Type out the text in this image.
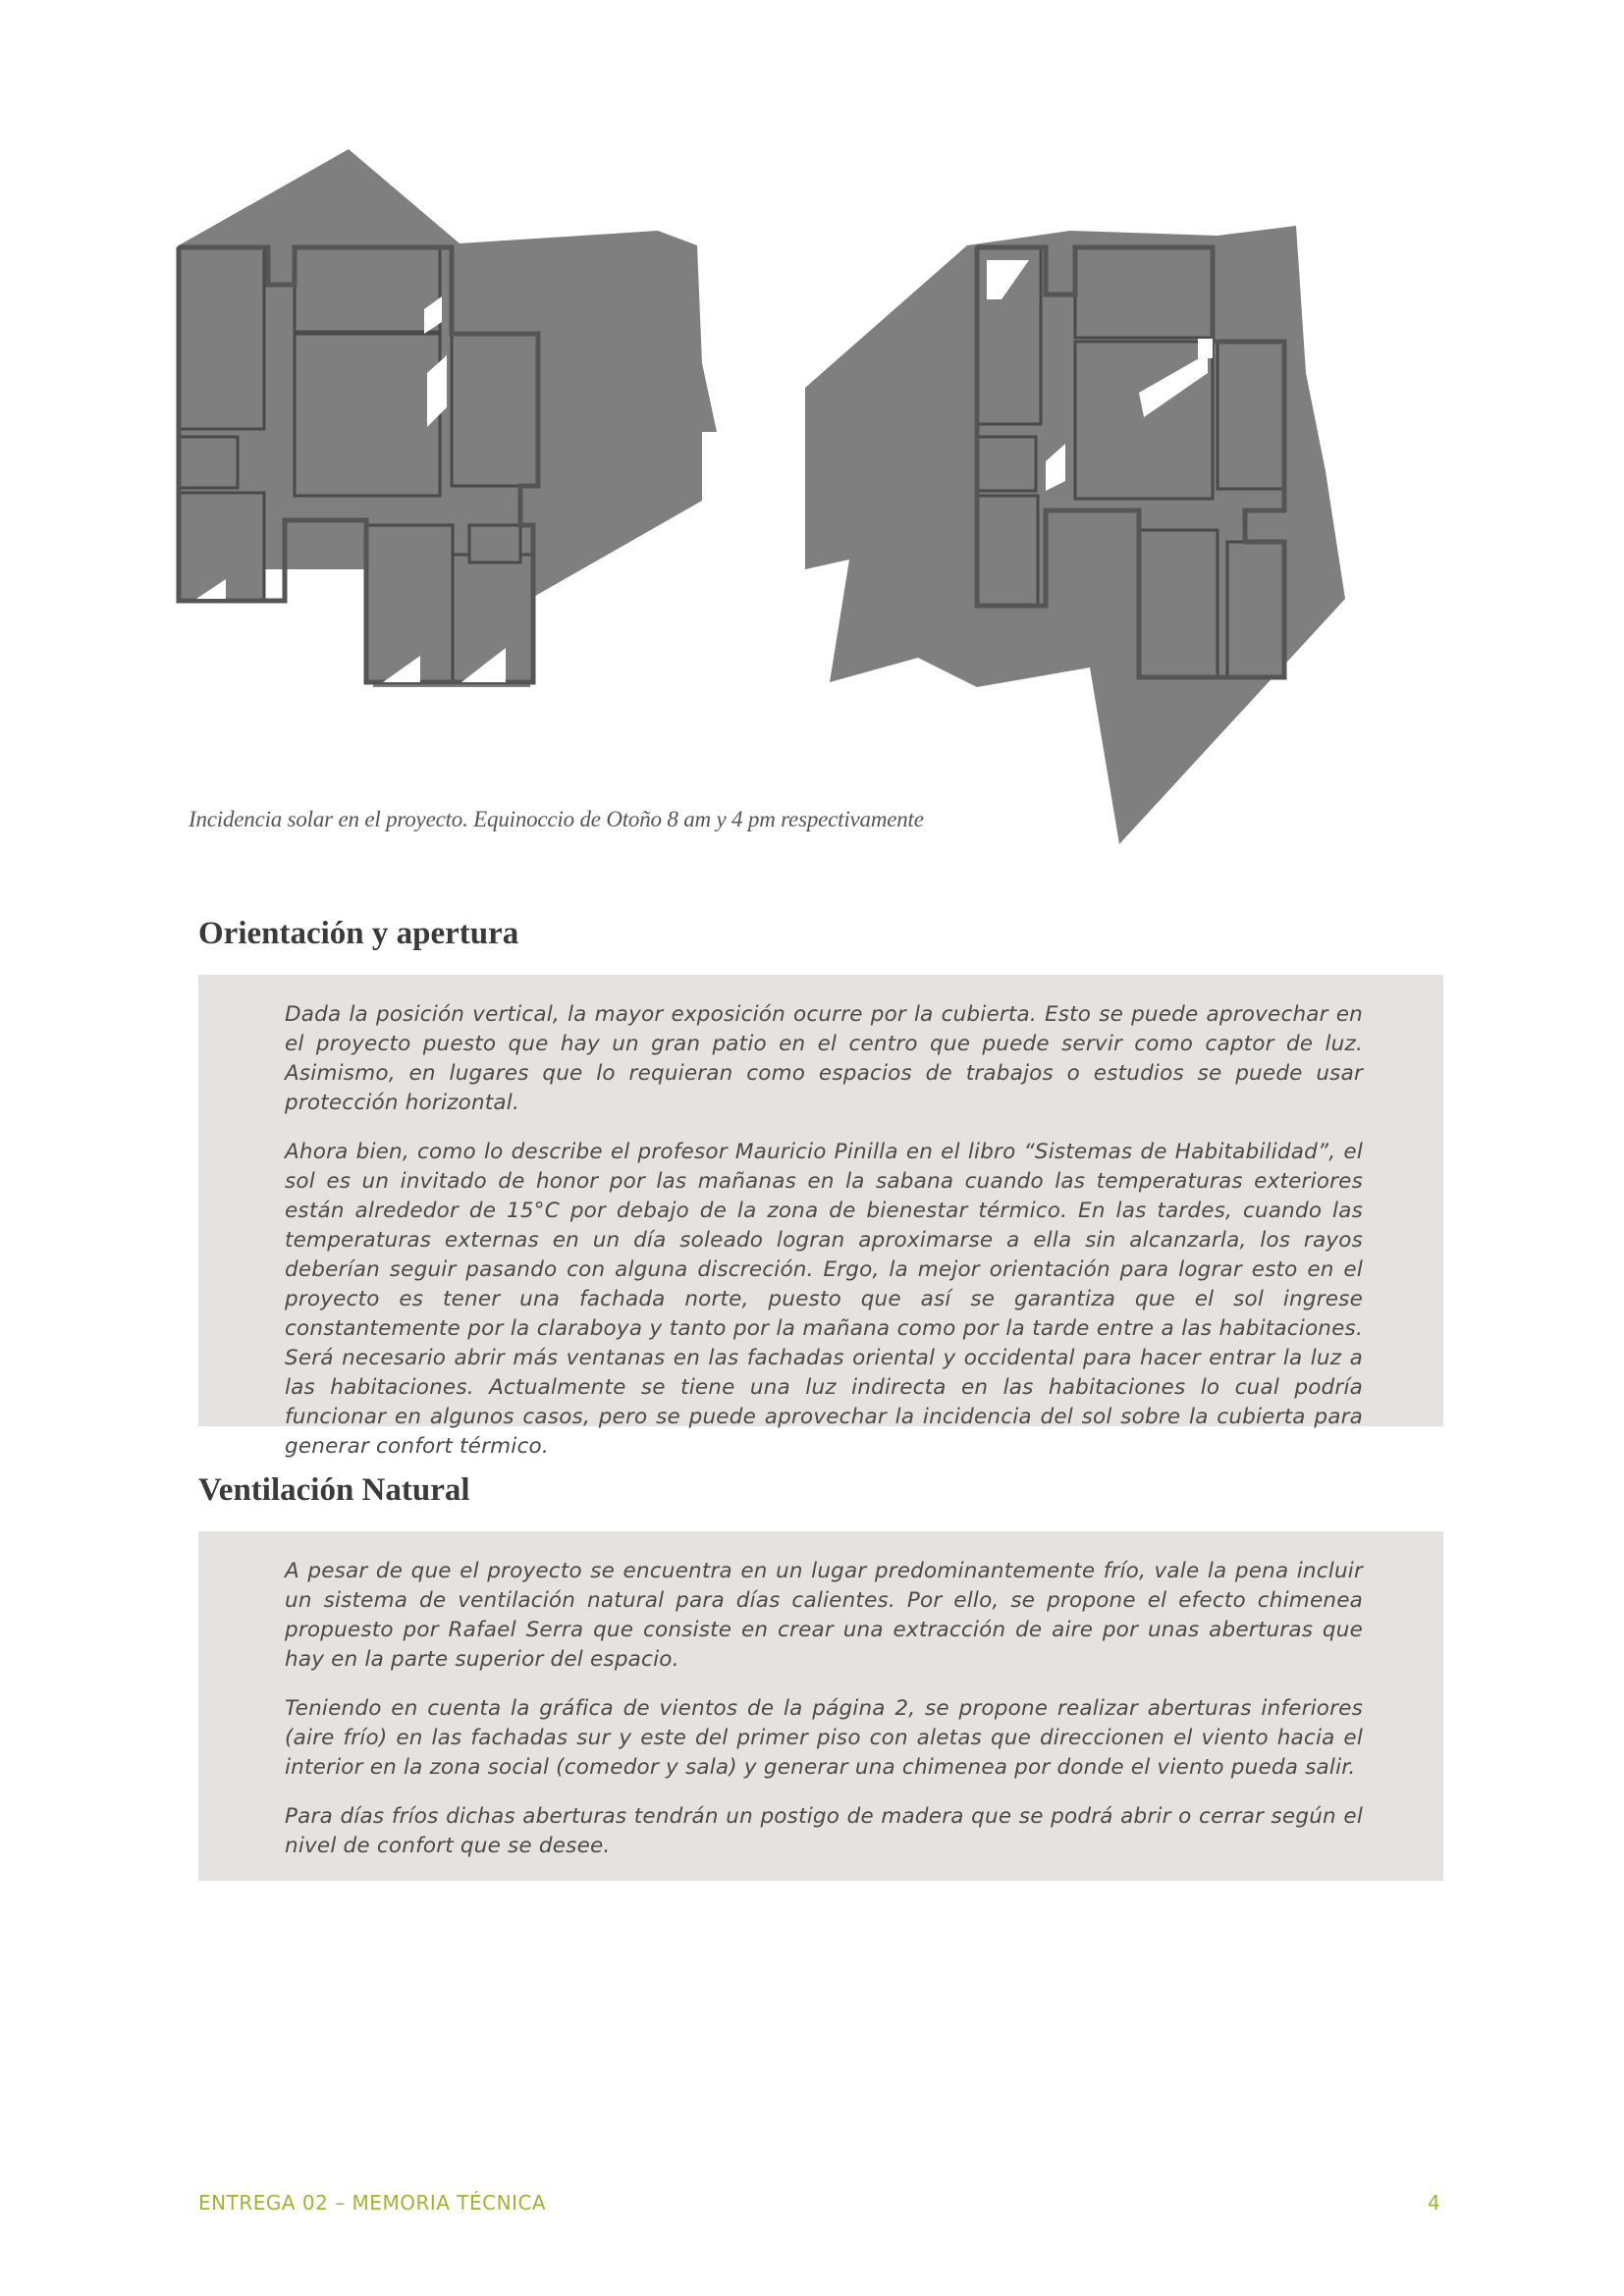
Incidencia solar en el proyecto. Equinoccio de Otoño 8 am y 4 pm respectivamente
Orientación y apertura

Dada la posición vertical, la mayor exposición ocurre por la cubierta. Esto se puede aprovechar en el proyecto puesto que hay un gran patio en el centro que puede servir como captor de luz. Asimismo, en lugares que lo requieran como espacios de trabajos o estudios se puede usar protección horizontal.

Ahora bien, como lo describe el profesor Mauricio Pinilla en el libro “Sistemas de Habitabilidad”, el sol es un invitado de honor por las mañanas en la sabana cuando las temperaturas exteriores están alrededor de 15°C por debajo de la zona de bienestar térmico. En las tardes, cuando las temperaturas externas en un día soleado logran aproximarse a ella sin alcanzarla, los rayos deberían seguir pasando con alguna discreción. Ergo, la mejor orientación para lograr esto en el proyecto es tener una fachada norte, puesto que así se garantiza que el sol ingrese constantemente por la claraboya y tanto por la mañana como por la tarde entre a las habitaciones. Será necesario abrir más ventanas en las fachadas oriental y occidental para hacer entrar la luz a las habitaciones. Actualmente se tiene una luz indirecta en las habitaciones lo cual podría funcionar en algunos casos, pero se puede aprovechar la incidencia del sol sobre la cubierta para generar confort térmico.

Ventilación Natural

A pesar de que el proyecto se encuentra en un lugar predominantemente frío, vale la pena incluir un sistema de ventilación natural para días calientes. Por ello, se propone el efecto chimenea propuesto por Rafael Serra que consiste en crear una extracción de aire por unas aberturas que hay en la parte superior del espacio.

Teniendo en cuenta la gráfica de vientos de la página 2, se propone realizar aberturas inferiores (aire frío) en las fachadas sur y este del primer piso con aletas que direccionen el viento hacia el interior en la zona social (comedor y sala) y generar una chimenea por donde el viento pueda salir.

Para días fríos dichas aberturas tendrán un postigo de madera que se podrá abrir o cerrar según el nivel de confort que se desee.

ENTREGA 02 – MEMORIA TÉCNICA	4
